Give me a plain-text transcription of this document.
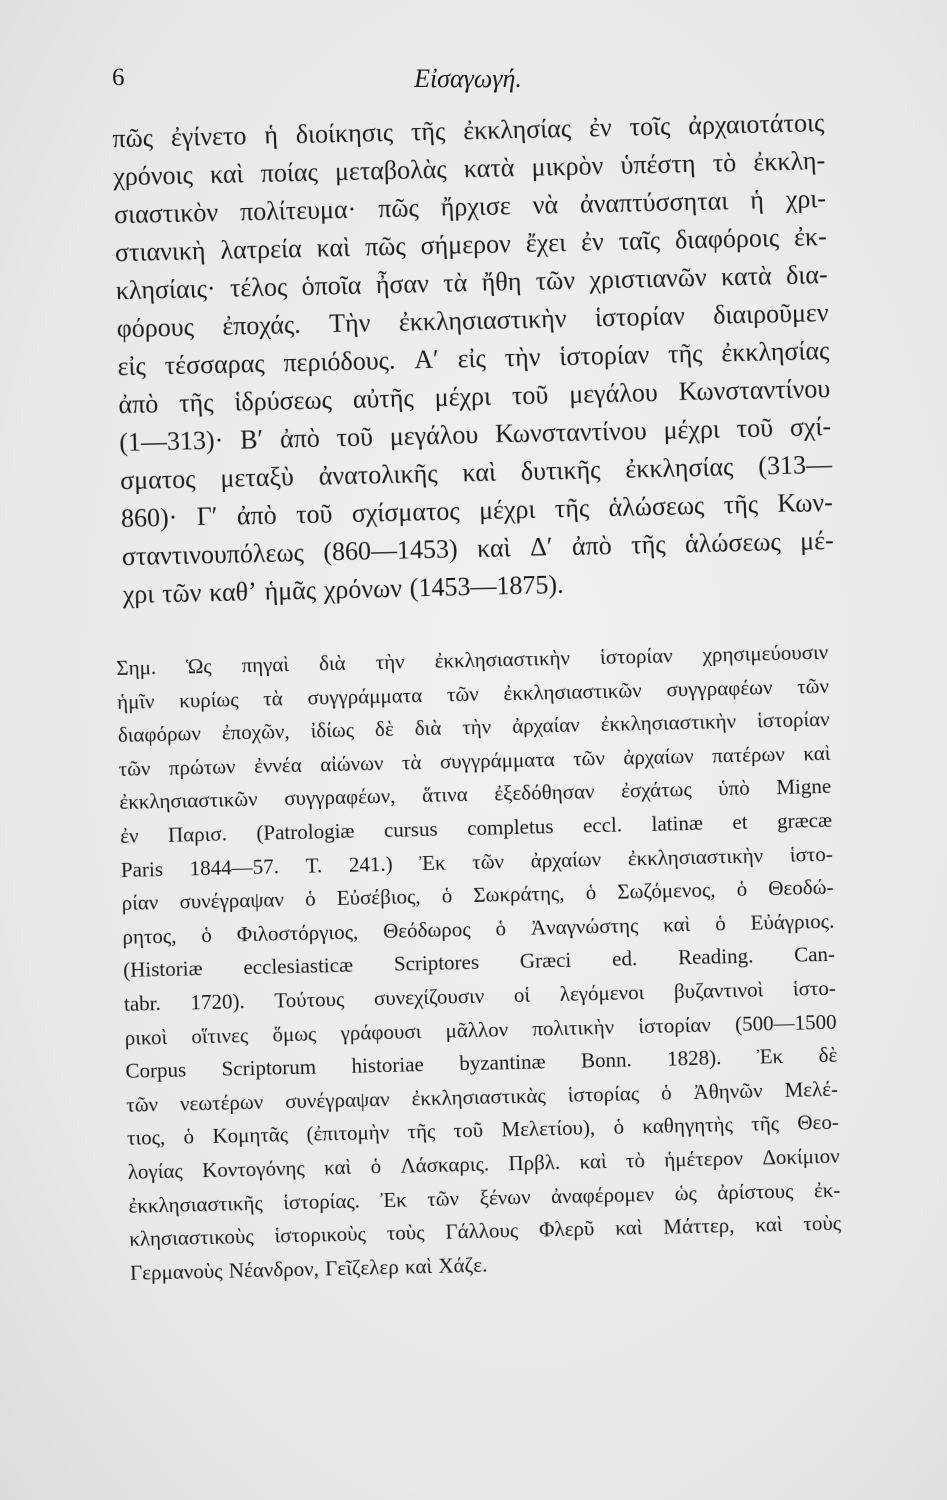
6	Εἰσαγωγή.
πῶς ἐγίνετο ἡ διοίκησις τῆς ἐκκλησίας ἐν τοῖς ἀρχαιοτάτοις
χρόνοις καὶ ποίας μεταβολὰς κατὰ μικρὸν ὑπέστη τὸ ἐκκλη-
σιαστικὸν πολίτευμα· πῶς ἤρχισε νὰ ἀναπτύσσηται ἡ χρι-
στιανικὴ λατρεία καὶ πῶς σήμερον ἔχει ἐν ταῖς διαφόροις ἐκ-
κλησίαις· τέλος ὁποῖα ἦσαν τὰ ἤθη τῶν χριστιανῶν κατὰ δια-
φόρους ἐποχάς. Τὴν ἐκκλησιαστικὴν ἱστορίαν διαιροῦμεν
εἰς τέσσαρας περιόδους. Α′ εἰς τὴν ἱστορίαν τῆς ἐκκλησίας
ἀπὸ τῆς ἱδρύσεως αὐτῆς μέχρι τοῦ μεγάλου Κωνσταντίνου
(1—313)· Β′ ἀπὸ τοῦ μεγάλου Κωνσταντίνου μέχρι τοῦ σχί-
σματος μεταξὺ ἀνατολικῆς καὶ δυτικῆς ἐκκλησίας (313—
860)· Γ′ ἀπὸ τοῦ σχίσματος μέχρι τῆς ἁλώσεως τῆς Κων-
σταντινουπόλεως (860—1453) καὶ Δ′ ἀπὸ τῆς ἁλώσεως μέ-
χρι τῶν καθ’ ἡμᾶς χρόνων (1453—1875).
Σημ. Ὡς πηγαὶ διὰ τὴν ἐκκλησιαστικὴν ἱστορίαν χρησιμεύουσιν
ἡμῖν κυρίως τὰ συγγράμματα τῶν ἐκκλησιαστικῶν συγγραφέων τῶν
διαφόρων ἐποχῶν, ἰδίως δὲ διὰ τὴν ἀρχαίαν ἐκκλησιαστικὴν ἱστορίαν
τῶν πρώτων ἐννέα αἰώνων τὰ συγγράμματα τῶν ἀρχαίων πατέρων καὶ
ἐκκλησιαστικῶν συγγραφέων, ἅτινα ἐξεδόθησαν ἐσχάτως ὑπὸ Migne
ἐν Παρισ. (Patrologiæ cursus completus eccl. latinæ et græcæ
Paris 1844—57. T. 241.) Ἐκ τῶν ἀρχαίων ἐκκλησιαστικὴν ἱστο-
ρίαν συνέγραψαν ὁ Εὐσέβιος, ὁ Σωκράτης, ὁ Σωζόμενος, ὁ Θεοδώ-
ρητος, ὁ Φιλοστόργιος, Θεόδωρος ὁ Ἀναγνώστης καὶ ὁ Εὐάγριος.
(Historiæ ecclesiasticæ Scriptores Græci ed. Reading. Can-
tabr. 1720). Τούτους συνεχίζουσιν οἱ λεγόμενοι βυζαντινοὶ ἱστο-
ρικοὶ οἵτινες ὅμως γράφουσι μᾶλλον πολιτικὴν ἱστορίαν (500—1500
Corpus Scriptorum historiae byzantinæ Bonn. 1828). Ἐκ δὲ
τῶν νεωτέρων συνέγραψαν ἐκκλησιαστικὰς ἱστορίας ὁ Ἀθηνῶν Μελέ-
τιος, ὁ Κομητᾶς (ἐπιτομὴν τῆς τοῦ Μελετίου), ὁ καθηγητὴς τῆς Θεο-
λογίας Κοντογόνης καὶ ὁ Λάσκαρις. Πρβλ. καὶ τὸ ἡμέτερον Δοκίμιον
ἐκκλησιαστικῆς ἱστορίας. Ἐκ τῶν ξένων ἀναφέρομεν ὡς ἀρίστους ἐκ-
κλησιαστικοὺς ἱστορικοὺς τοὺς Γάλλους Φλερῦ καὶ Μάττερ, καὶ τοὺς
Γερμανοὺς Νέανδρον, Γεῖζελερ καὶ Χάζε.
